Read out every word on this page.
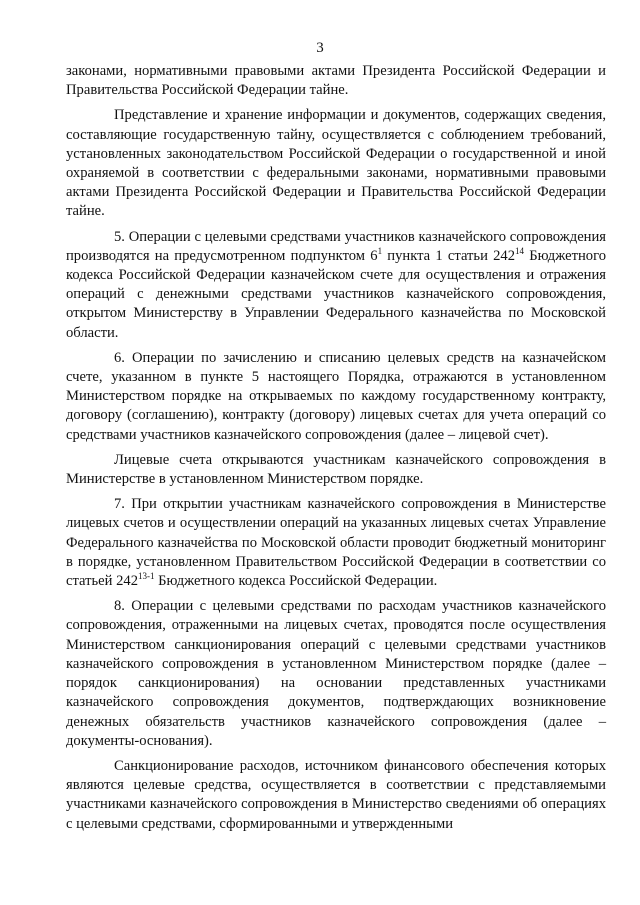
3

законами, нормативными правовыми актами Президента Российской Федерации и Правительства Российской Федерации тайне.

Представление и хранение информации и документов, содержащих сведения, составляющие государственную тайну, осуществляется с соблюдением требований, установленных законодательством Российской Федерации о государственной и иной охраняемой в соответствии с федеральными законами, нормативными правовыми актами Президента Российской Федерации и Правительства Российской Федерации тайне.

5. Операции с целевыми средствами участников казначейского сопровождения производятся на предусмотренном подпунктом $6^1$ пункта 1 статьи $242^{14}$ Бюджетного кодекса Российской Федерации казначейском счете для осуществления и отражения операций с денежными средствами участников казначейского сопровождения, открытом Министерству в Управлении Федерального казначейства по Московской области.

6. Операции по зачислению и списанию целевых средств на казначейском счете, указанном в пункте 5 настоящего Порядка, отражаются в установленном Министерством порядке на открываемых по каждому государственному контракту, договору (соглашению), контракту (договору) лицевых счетах для учета операций со средствами участников казначейского сопровождения (далее – лицевой счет).

Лицевые счета открываются участникам казначейского сопровождения в Министерстве в установленном Министерством порядке.

7. При открытии участникам казначейского сопровождения в Министерстве лицевых счетов и осуществлении операций на указанных лицевых счетах Управление Федерального казначейства по Московской области проводит бюджетный мониторинг в порядке, установленном Правительством Российской Федерации в соответствии со статьей 242$^{13-1}$ Бюджетного кодекса Российской Федерации.

8. Операции с целевыми средствами по расходам участников казначейского сопровождения, отраженными на лицевых счетах, проводятся после осуществления Министерством санкционирования операций с целевыми средствами участников казначейского сопровождения в установленном Министерством порядке (далее – порядок санкционирования) на основании представленных участниками казначейского сопровождения документов, подтверждающих возникновение денежных обязательств участников казначейского сопровождения (далее – документы-основания).

Санкционирование расходов, источником финансового обеспечения которых являются целевые средства, осуществляется в соответствии с представляемыми участниками казначейского сопровождения в Министерство сведениями об операциях с целевыми средствами, сформированными и утвержденными
